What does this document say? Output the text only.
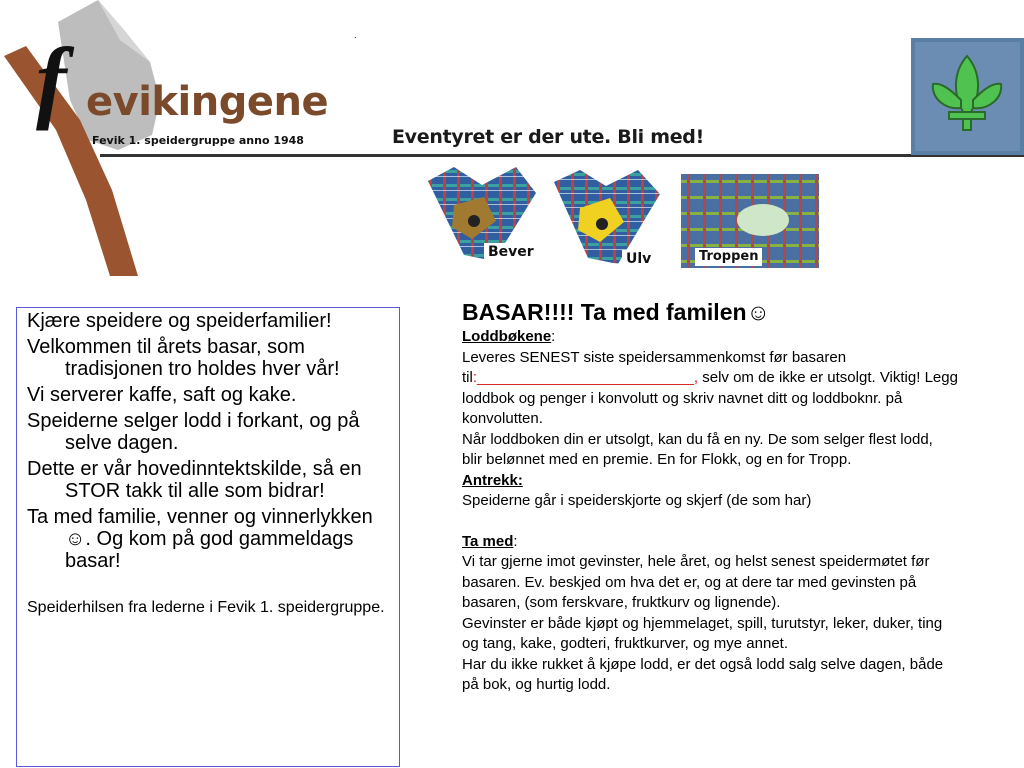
f evikingene
Fevik 1. speidergruppe anno 1948
.
Eventyret er der ute. Bli med!
Bever	Ulv	Troppen

Kjære speidere og speiderfamilier!

Velkommen til årets basar, som tradisjonen tro holdes hver vår!

Vi serverer kaffe, saft og kake.

Speiderne selger lodd i forkant, og på selve dagen.

Dette er vår hovedinntektskilde, så en STOR takk til alle som bidrar!

Ta med familie, venner og vinnerlykken ☺. Og kom på god gammeldags basar!

Speiderhilsen fra lederne i Fevik 1. speidergruppe.

BASAR!!!! Ta med familen☺
Loddbøkene:
Leveres SENEST siste speidersammenkomst før basaren
til:__________________________, selv om de ikke er utsolgt. Viktig! Legg
loddbok og penger i konvolutt og skriv navnet ditt og loddboknr. på
konvolutten.
Når loddboken din er utsolgt, kan du få en ny. De som selger flest lodd,
blir belønnet med en premie. En for Flokk, og en for Tropp.
Antrekk:
Speiderne går i speiderskjorte og skjerf (de som har)
Ta med:
Vi tar gjerne imot gevinster, hele året, og helst senest speidermøtet før
basaren. Ev. beskjed om hva det er, og at dere tar med gevinsten på
basaren, (som ferskvare, fruktkurv og lignende).
Gevinster er både kjøpt og hjemmelaget, spill, turutstyr, leker, duker, ting
og tang, kake, godteri, fruktkurver, og mye annet.
Har du ikke rukket å kjøpe lodd, er det også lodd salg selve dagen, både
på bok, og hurtig lodd.
